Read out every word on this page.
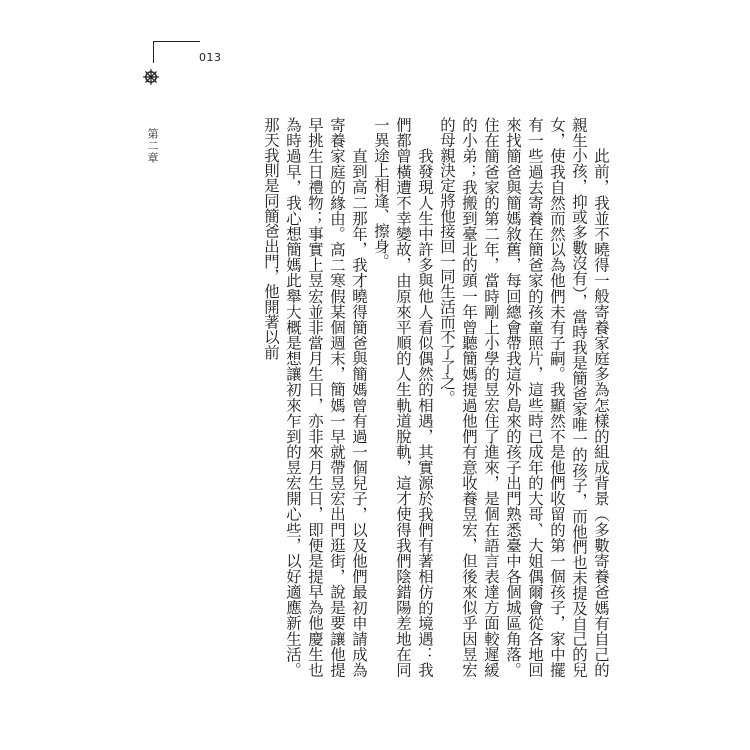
013
第二章

此前，我並不曉得一般寄養家庭多為怎樣的組成背景（多數寄養爸媽有自己的親生小孩，抑或多數沒有），當時我是簡爸家唯一的孩子，而他們也未提及自己的兒女，使我自然而然以為他們未有子嗣。我顯然不是他們收留的第一個孩子，家中擺有一些過去寄養在簡爸家的孩童照片，這些時已成年的大哥、大姐偶爾會從各地回來找簡爸與簡媽敘舊，每回總會帶我這外島來的孩子出門熟悉臺中各個城區角落。住在簡爸家的第二年，當時剛上小學的昱宏住了進來，是個在語言表達方面較遲緩的小弟；我搬到臺北的頭一年曾聽簡媽提過他們有意收養昱宏，但後來似乎因昱宏的母親決定將他接回一同生活而不了了之。

我發現人生中許多與他人看似偶然的相遇，其實源於我們有著相仿的境遇：我們都曾橫遭不幸變故，由原來平順的人生軌道脫軌，這才使得我們陰錯陽差地在同一異途上相逢、擦身。

直到高二那年，我才曉得簡爸與簡媽曾有過一個兒子，以及他們最初申請成為寄養家庭的緣由。高二寒假某個週末，簡媽一早就帶昱宏出門逛街，說是要讓他提早挑生日禮物；事實上昱宏並非當月生日，亦非來月生日，即便是提早為他慶生也為時過早，我心想簡媽此舉大概是想讓初來乍到的昱宏開心些，以好適應新生活。那天我則是同簡爸出門，他開著以前
